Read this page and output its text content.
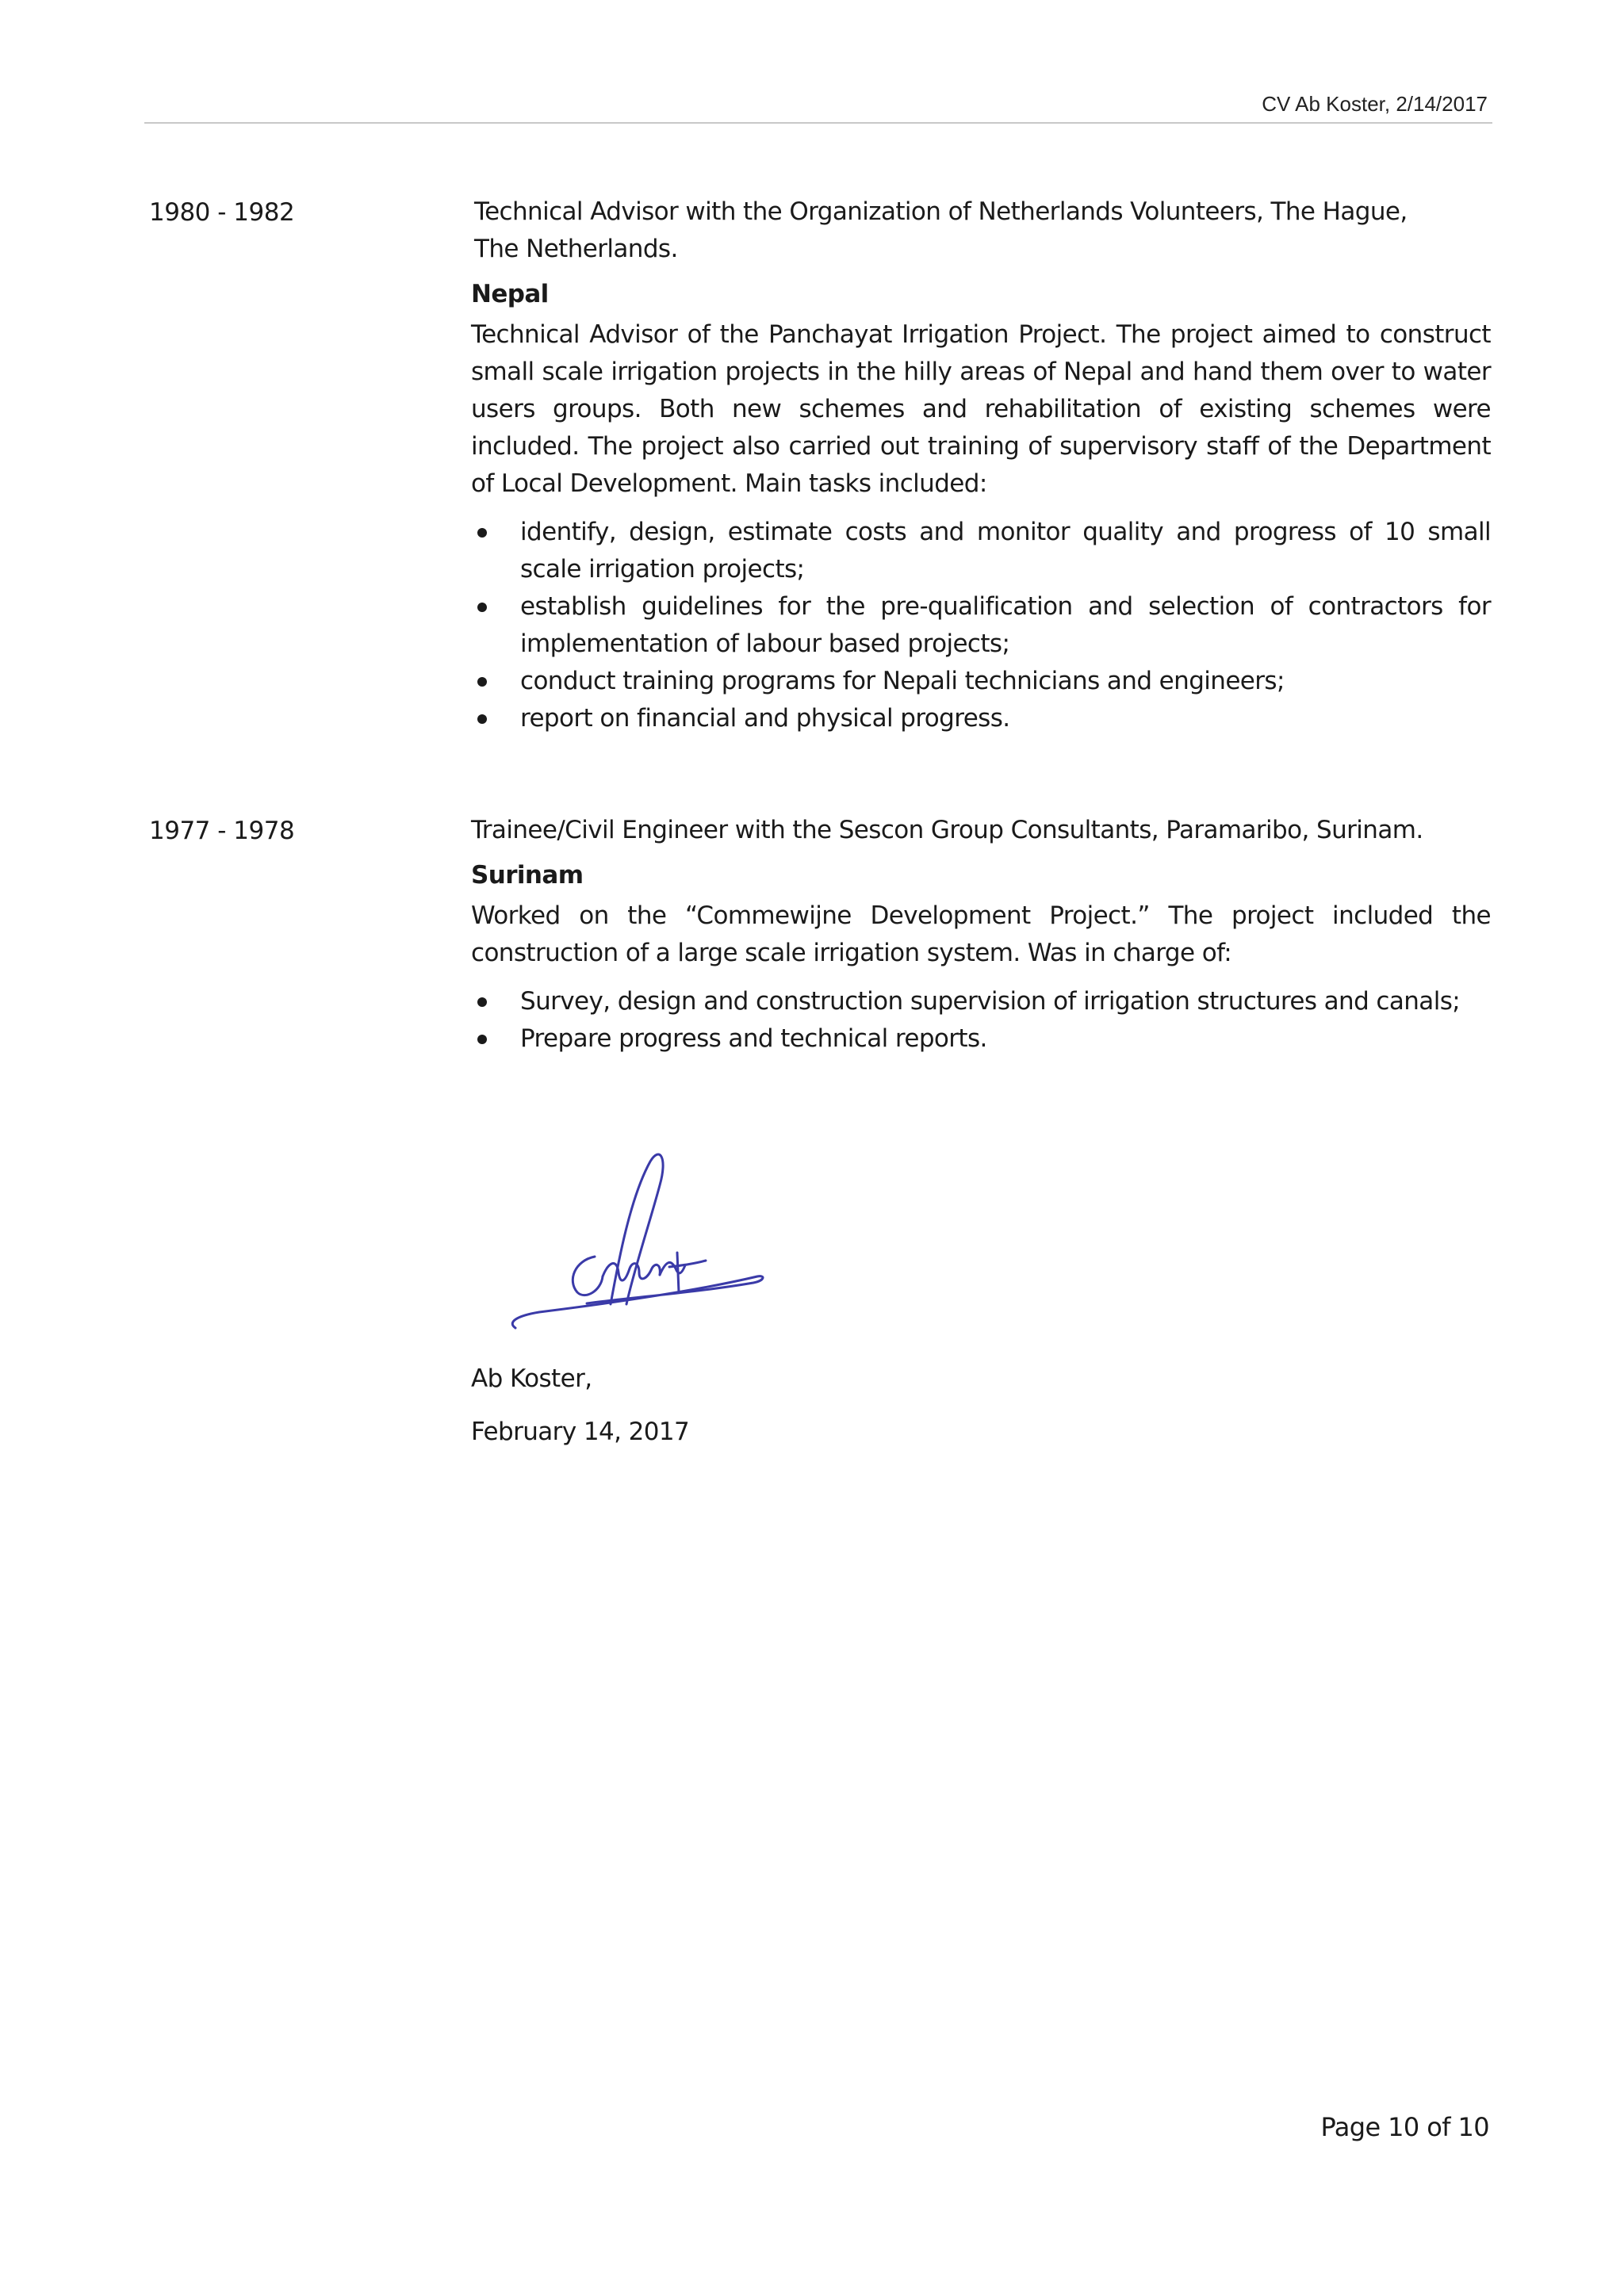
CV Ab Koster, 2/14/2017
1980 - 1982	Technical Advisor with the Organization of Netherlands Volunteers, The Hague, The Netherlands.

Nepal

Technical Advisor of the Panchayat Irrigation Project. The project aimed to construct small scale irrigation projects in the hilly areas of Nepal and hand them over to water users groups. Both new schemes and rehabilitation of existing schemes were included. The project also carried out training of supervisory staff of the Department of Local Development. Main tasks included:

identify, design, estimate costs and monitor quality and progress of 10 small scale irrigation projects;
establish guidelines for the pre-qualification and selection of contractors for implementation of labour based projects;
conduct training programs for Nepali technicians and engineers;
report on financial and physical progress.
1977 - 1978	Trainee/Civil Engineer with the Sescon Group Consultants, Paramaribo, Surinam.

Surinam

Worked on the “Commewijne Development Project.” The project included the construction of a large scale irrigation system. Was in charge of:

Survey, design and construction supervision of irrigation structures and canals;
Prepare progress and technical reports.

Ab Koster,

February 14, 2017

Page 10 of 10
